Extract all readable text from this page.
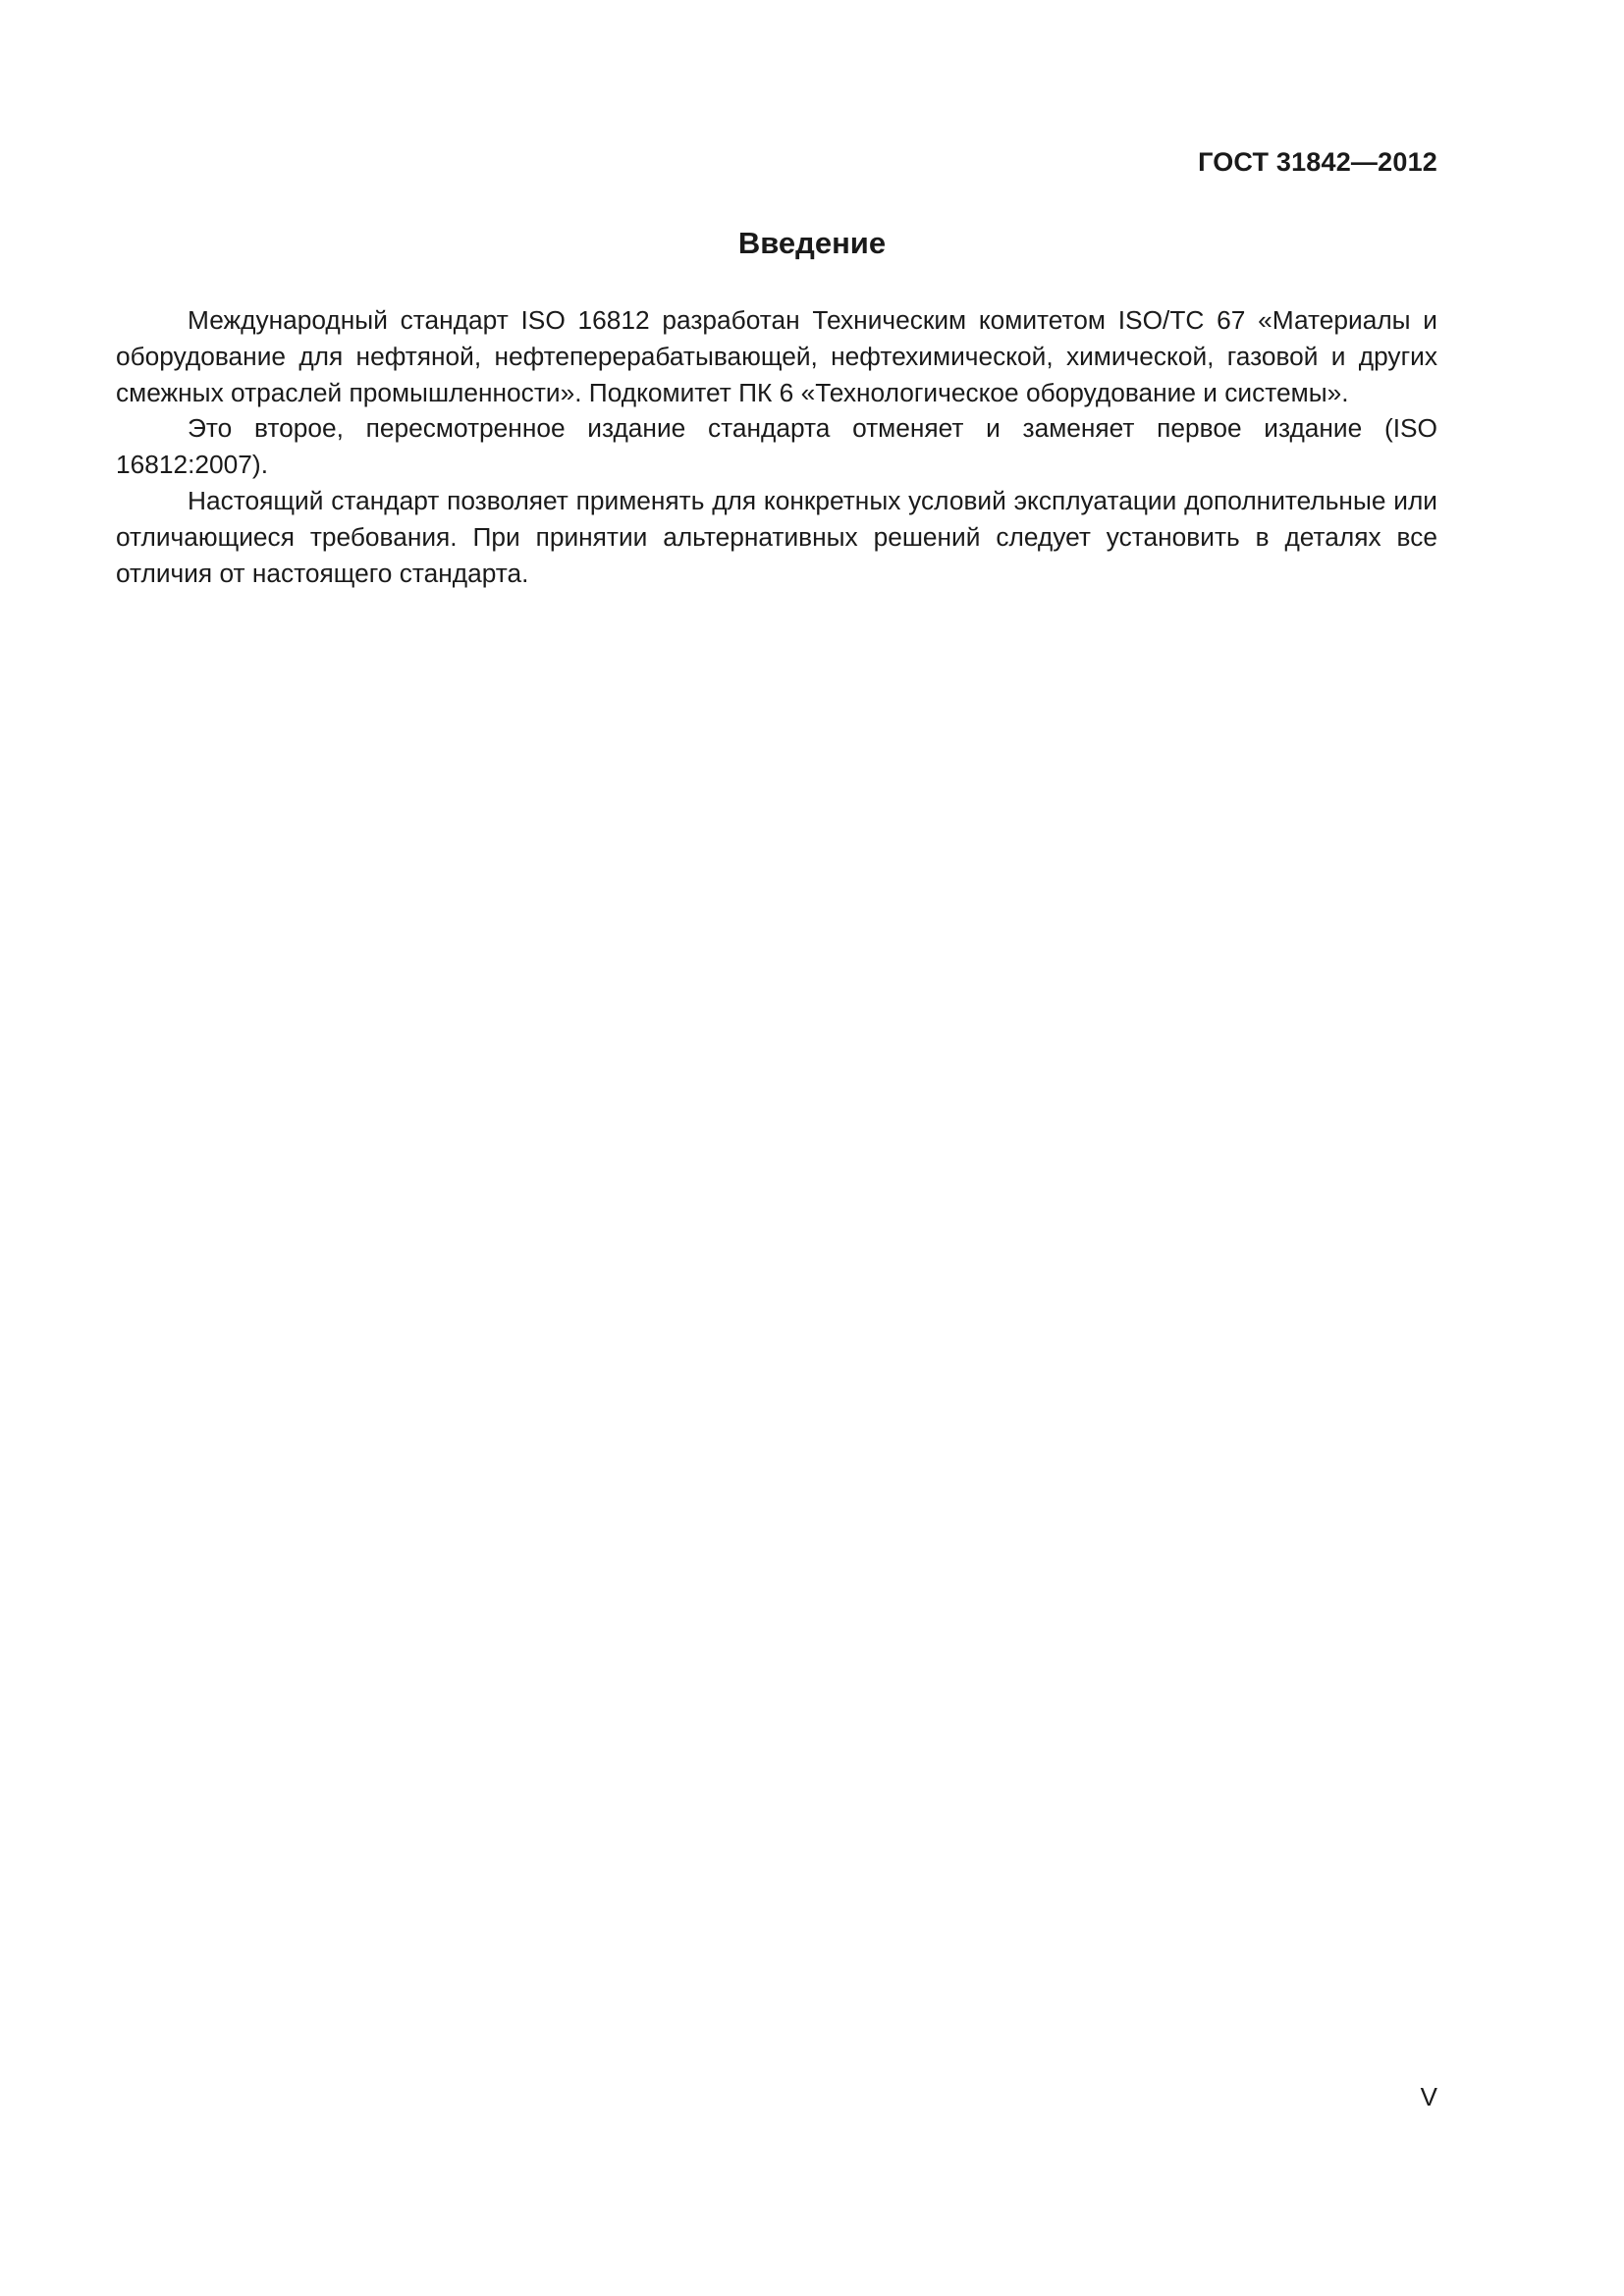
ГОСТ 31842—2012
Введение

Международный стандарт ISO 16812 разработан Техническим комитетом ISO/TC 67 «Материалы и оборудование для нефтяной, нефтеперерабатывающей, нефтехимической, химической, газовой и других смежных отраслей промышленности». Подкомитет ПК 6 «Технологическое оборудование и системы».

Это второе, пересмотренное издание стандарта отменяет и заменяет первое издание (ISO 16812:2007).

Настоящий стандарт позволяет применять для конкретных условий эксплуатации дополнительные или отличающиеся требования. При принятии альтернативных решений следует установить в деталях все отличия от настоящего стандарта.

V
